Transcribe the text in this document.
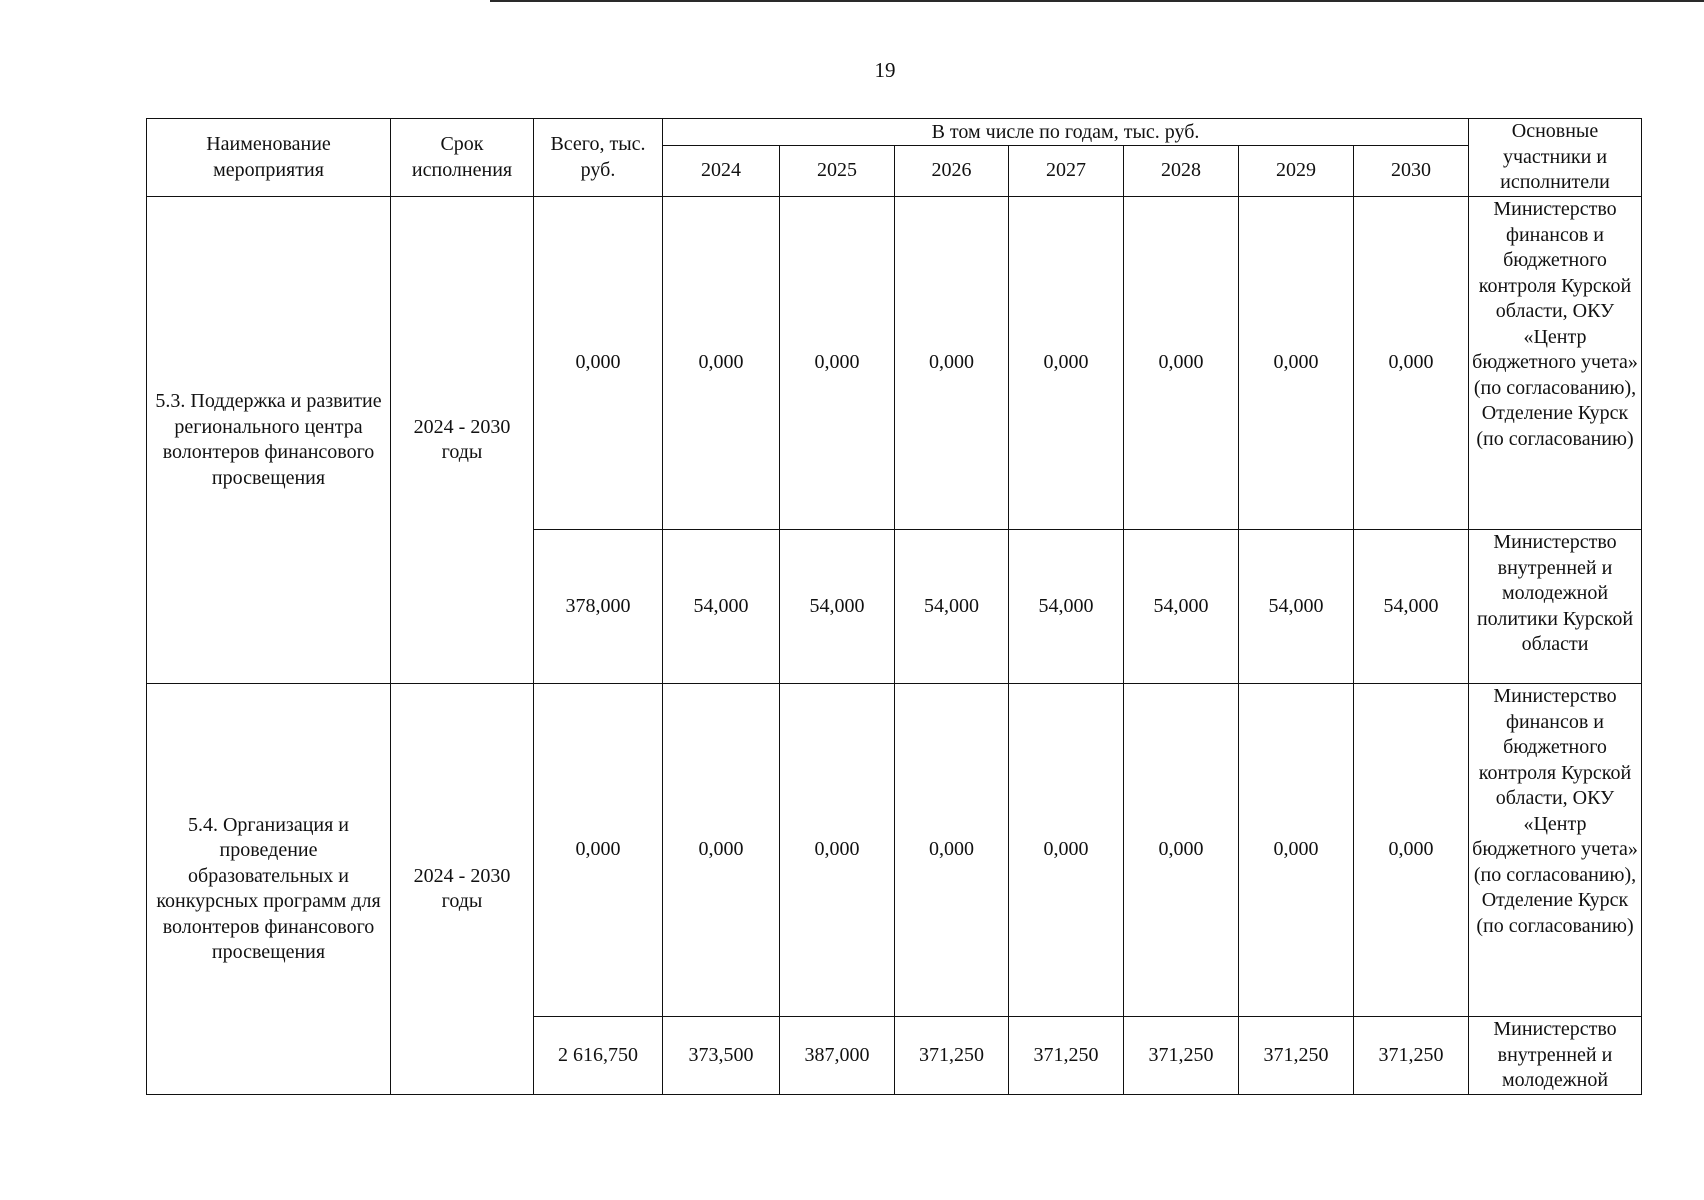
19
Наименование мероприятия	Срок исполнения	Всего, тыс. руб.	В том числе по годам, тыс. руб.							Основные участники и исполнители
			2024	2025	2026	2027	2028	2029	2030	
5.3. Поддержка и развитие регионального центра волонтеров финансового просвещения	2024 - 2030 годы	0,000	0,000	0,000	0,000	0,000	0,000	0,000	0,000	Министерство финансов и бюджетного контроля Курской области, ОКУ «Центр бюджетного учета» (по согласованию), Отделение Курск (по согласованию)
		378,000	54,000	54,000	54,000	54,000	54,000	54,000	54,000	Министерство внутренней и молодежной политики Курской области
5.4. Организация и проведение образовательных и конкурсных программ для волонтеров финансового просвещения	2024 - 2030 годы	0,000	0,000	0,000	0,000	0,000	0,000	0,000	0,000	Министерство финансов и бюджетного контроля Курской области, ОКУ «Центр бюджетного учета» (по согласованию), Отделение Курск (по согласованию)
		2 616,750	373,500	387,000	371,250	371,250	371,250	371,250	371,250	Министерство внутренней и молодежной
